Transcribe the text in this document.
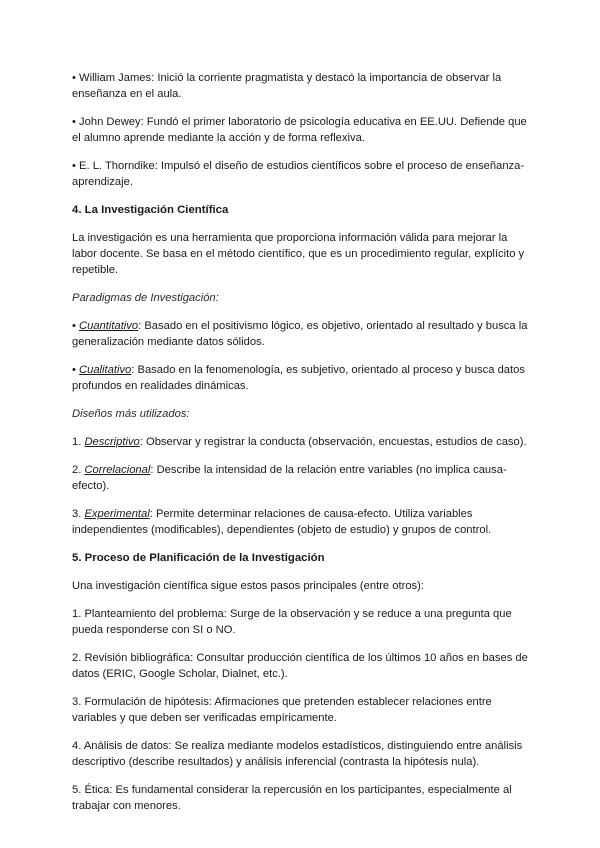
• William James: Inició la corriente pragmatista y destacó la importancia de observar la enseñanza en el aula.

• John Dewey: Fundó el primer laboratorio de psicología educativa en EE.UU. Defiende que el alumno aprende mediante la acción y de forma reflexiva.

• E. L. Thorndike: Impulsó el diseño de estudios científicos sobre el proceso de enseñanza-aprendizaje.

4. La Investigación Científica

La investigación es una herramienta que proporciona información válida para mejorar la labor docente. Se basa en el método científico, que es un procedimiento regular, explícito y repetible.

Paradigmas de Investigación:

• Cuantitativo: Basado en el positivismo lógico, es objetivo, orientado al resultado y busca la generalización mediante datos sólidos.

• Cualitativo: Basado en la fenomenología, es subjetivo, orientado al proceso y busca datos profundos en realidades dinámicas.

Diseños más utilizados:

1. Descriptivo: Observar y registrar la conducta (observación, encuestas, estudios de caso).

2. Correlacional: Describe la intensidad de la relación entre variables (no implica causa-efecto).

3. Experimental: Permite determinar relaciones de causa-efecto. Utiliza variables independientes (modificables), dependientes (objeto de estudio) y grupos de control.

5. Proceso de Planificación de la Investigación

Una investigación científica sigue estos pasos principales (entre otros):

1. Planteamiento del problema: Surge de la observación y se reduce a una pregunta que pueda responderse con SI o NO.

2. Revisión bibliográfica: Consultar producción científica de los últimos 10 años en bases de datos (ERIC, Google Scholar, Dialnet, etc.).

3. Formulación de hipótesis: Afirmaciones que pretenden establecer relaciones entre variables y que deben ser verificadas empíricamente.

4. Análisis de datos: Se realiza mediante modelos estadísticos, distinguiendo entre análisis descriptivo (describe resultados) y análisis inferencial (contrasta la hipótesis nula).

5. Ética: Es fundamental considerar la repercusión en los participantes, especialmente al trabajar con menores.
